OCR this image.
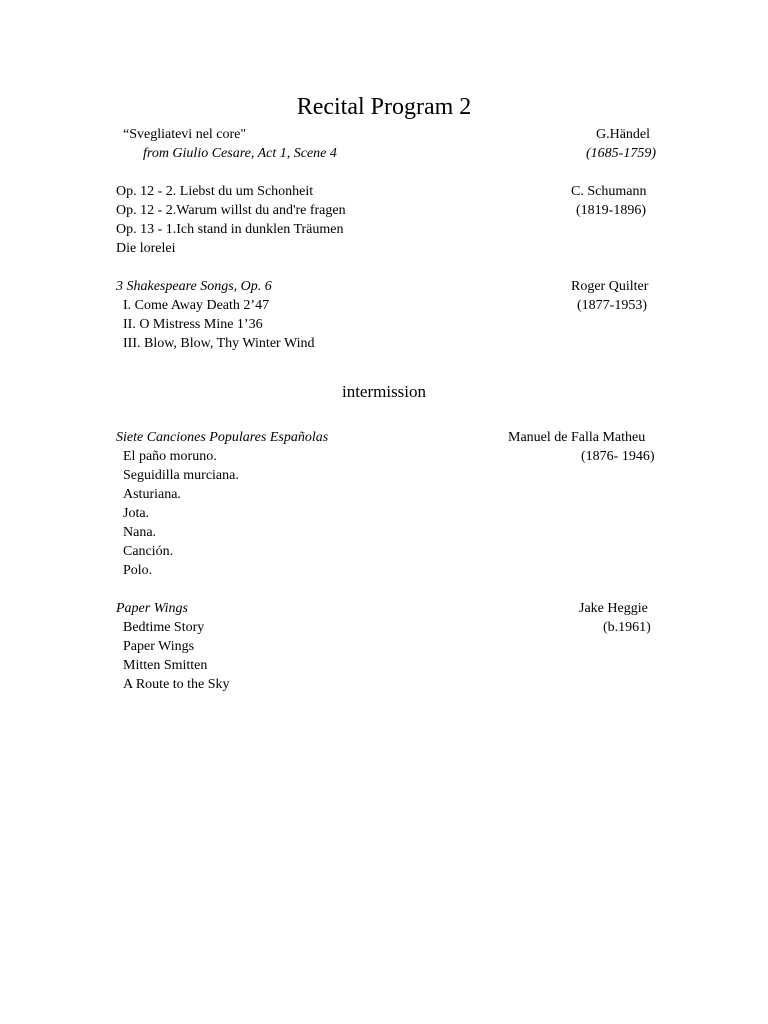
Recital Program 2
“Svegliatevi nel core"
from Giulio Cesare, Act 1, Scene 4
G.Händel
(1685-1759)
Op. 12 - 2. Liebst du um Schonheit
Op. 12 - 2.Warum willst du and're fragen
Op. 13 - 1.Ich stand in dunklen Träumen
Die lorelei
C. Schumann
(1819-1896)
3 Shakespeare Songs, Op. 6
I. Come Away Death 2’47
II. O Mistress Mine 1’36
III. Blow, Blow, Thy Winter Wind
Roger Quilter
(1877-1953)
intermission
Siete Canciones Populares Españolas
El paño moruno.
Seguidilla murciana.
Asturiana.
Jota.
Nana.
Canción.
Polo.
Manuel de Falla Matheu
(1876- 1946)
Paper Wings
Bedtime Story
Paper Wings
Mitten Smitten
A Route to the Sky
Jake Heggie
(b.1961)
